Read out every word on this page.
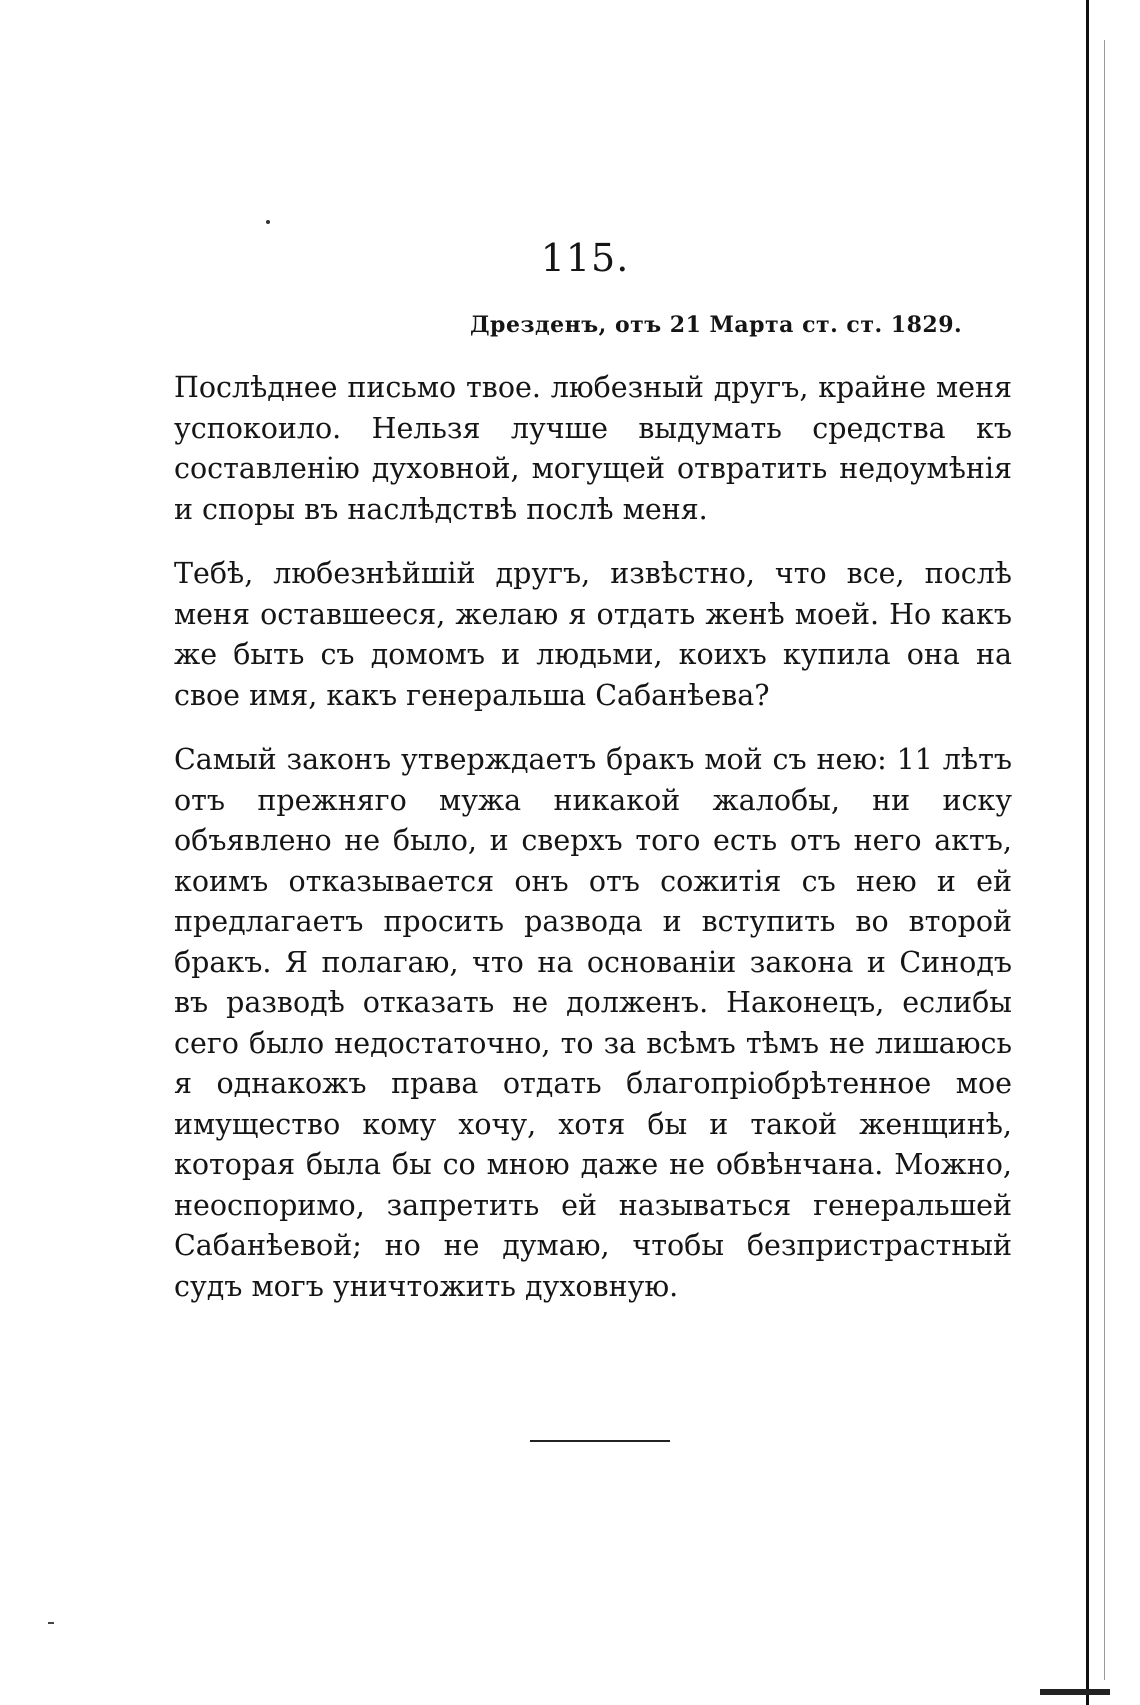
115.
Дрезденъ, отъ 21 Марта ст. ст. 1829.

Послѣднее письмо твое. любезный другъ, крайне меня успокоило. Нельзя лучше выдумать средства къ составленію духовной, могущей отвратить недоумѣнія и споры въ наслѣдствѣ послѣ меня.

Тебѣ, любезнѣйшій другъ, извѣстно, что все, послѣ меня оставшееся, желаю я отдать женѣ моей. Но какъ же быть съ домомъ и людьми, коихъ купила она на свое имя, какъ генеральша Сабанѣева?

Самый законъ утверждаетъ бракъ мой съ нею: 11 лѣтъ отъ прежняго мужа никакой жалобы, ни иску объявлено не было, и сверхъ того есть отъ него актъ, коимъ отказывается онъ отъ сожитія съ нею и ей предлагаетъ просить развода и вступить во второй бракъ. Я полагаю, что на основаніи закона и Синодъ въ разводѣ отказать не долженъ. Наконецъ, еслибы сего было недостаточно, то за всѣмъ тѣмъ не лишаюсь я однакожъ права отдать благопріобрѣтенное мое имущество кому хочу, хотя бы и такой женщинѣ, которая была бы со мною даже не обвѣнчана. Можно, неоспоримо, запретить ей называться генеральшей Сабанѣевой; но не думаю, чтобы безпристрастный судъ могъ уничтожить духовную.
